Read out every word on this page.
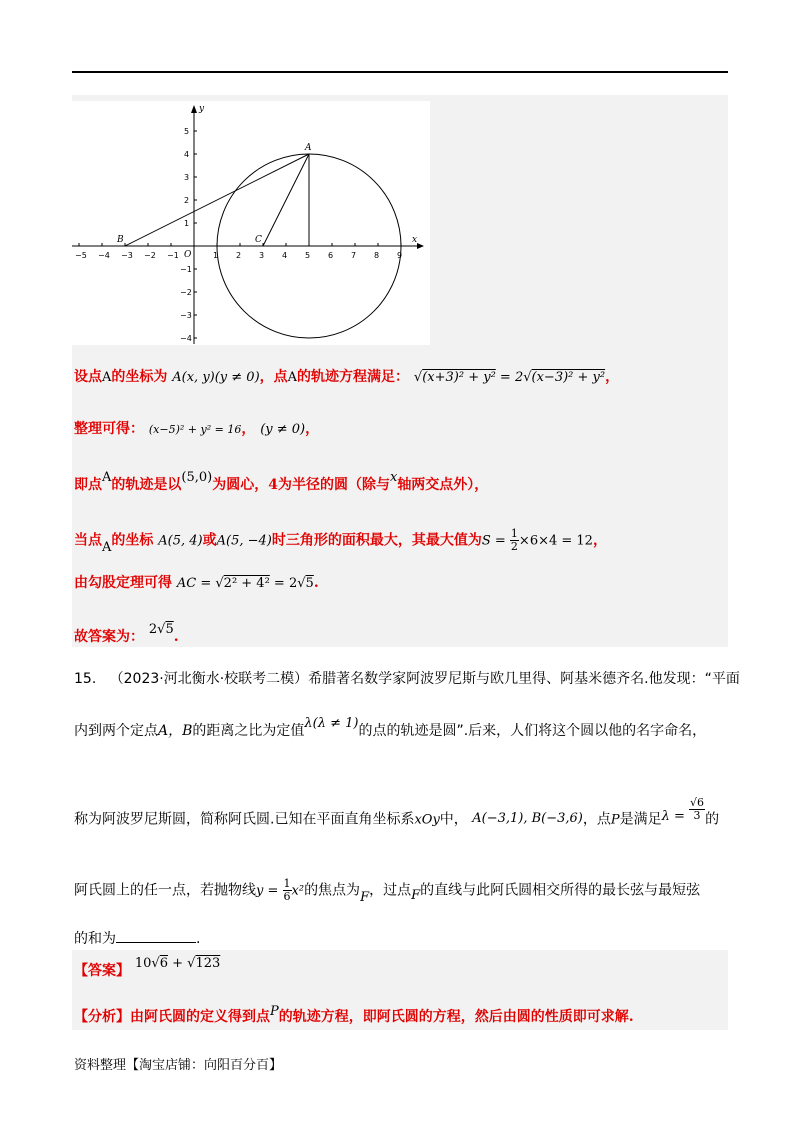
x
y
O
A
B	C
−5 −4 −3 −2 −1	1 2 3 4 5 6 7 8 9
5
4
3
2
1
−1
−2
−3
−4
设点A的坐标为 A(x, y)(y ≠ 0)，点A的轨迹方程满足： √(x+3)² + y² = 2√(x−3)² + y²，
整理可得： (x−5)² + y² = 16， (y ≠ 0)，
即点A的轨迹是以(5,0)为圆心，4为半径的圆（除与x轴两交点外），
当点A的坐标 A(5, 4)或A(5, −4)时三角形的面积最大，其最大值为$S = \frac{1}{2} \times 6\times 4 = 12$，
由勾股定理可得 AC = √2² + 4² = 2√5.
故答案为： 2√5.
15. （2023·河北衡水·校联考二模）希腊著名数学家阿波罗尼斯与欧几里得、阿基米德齐名.他发现：“平面
内到两个定点A，B的距离之比为定值λ(λ ≠ 1)的点的轨迹是圆”.后来，人们将这个圆以他的名字命名，
称为阿波罗尼斯圆，简称阿氏圆.已知在平面直角坐标系xOy中， A(−3,1), B(−3,6)，点P是满足$\lambda = \frac{√6}{3}$ 的
阿氏圆上的任一点，若抛物线$y = \frac{1}{6} x^2$的焦点为F，过点F的直线与此阿氏圆相交所得的最长弦与最短弦
的和为	.
【答案】 10√6 + √123
【分析】由阿氏圆的定义得到点P的轨迹方程，即阿氏圆的方程，然后由圆的性质即可求解.
资料整理【淘宝店铺：向阳百分百】
